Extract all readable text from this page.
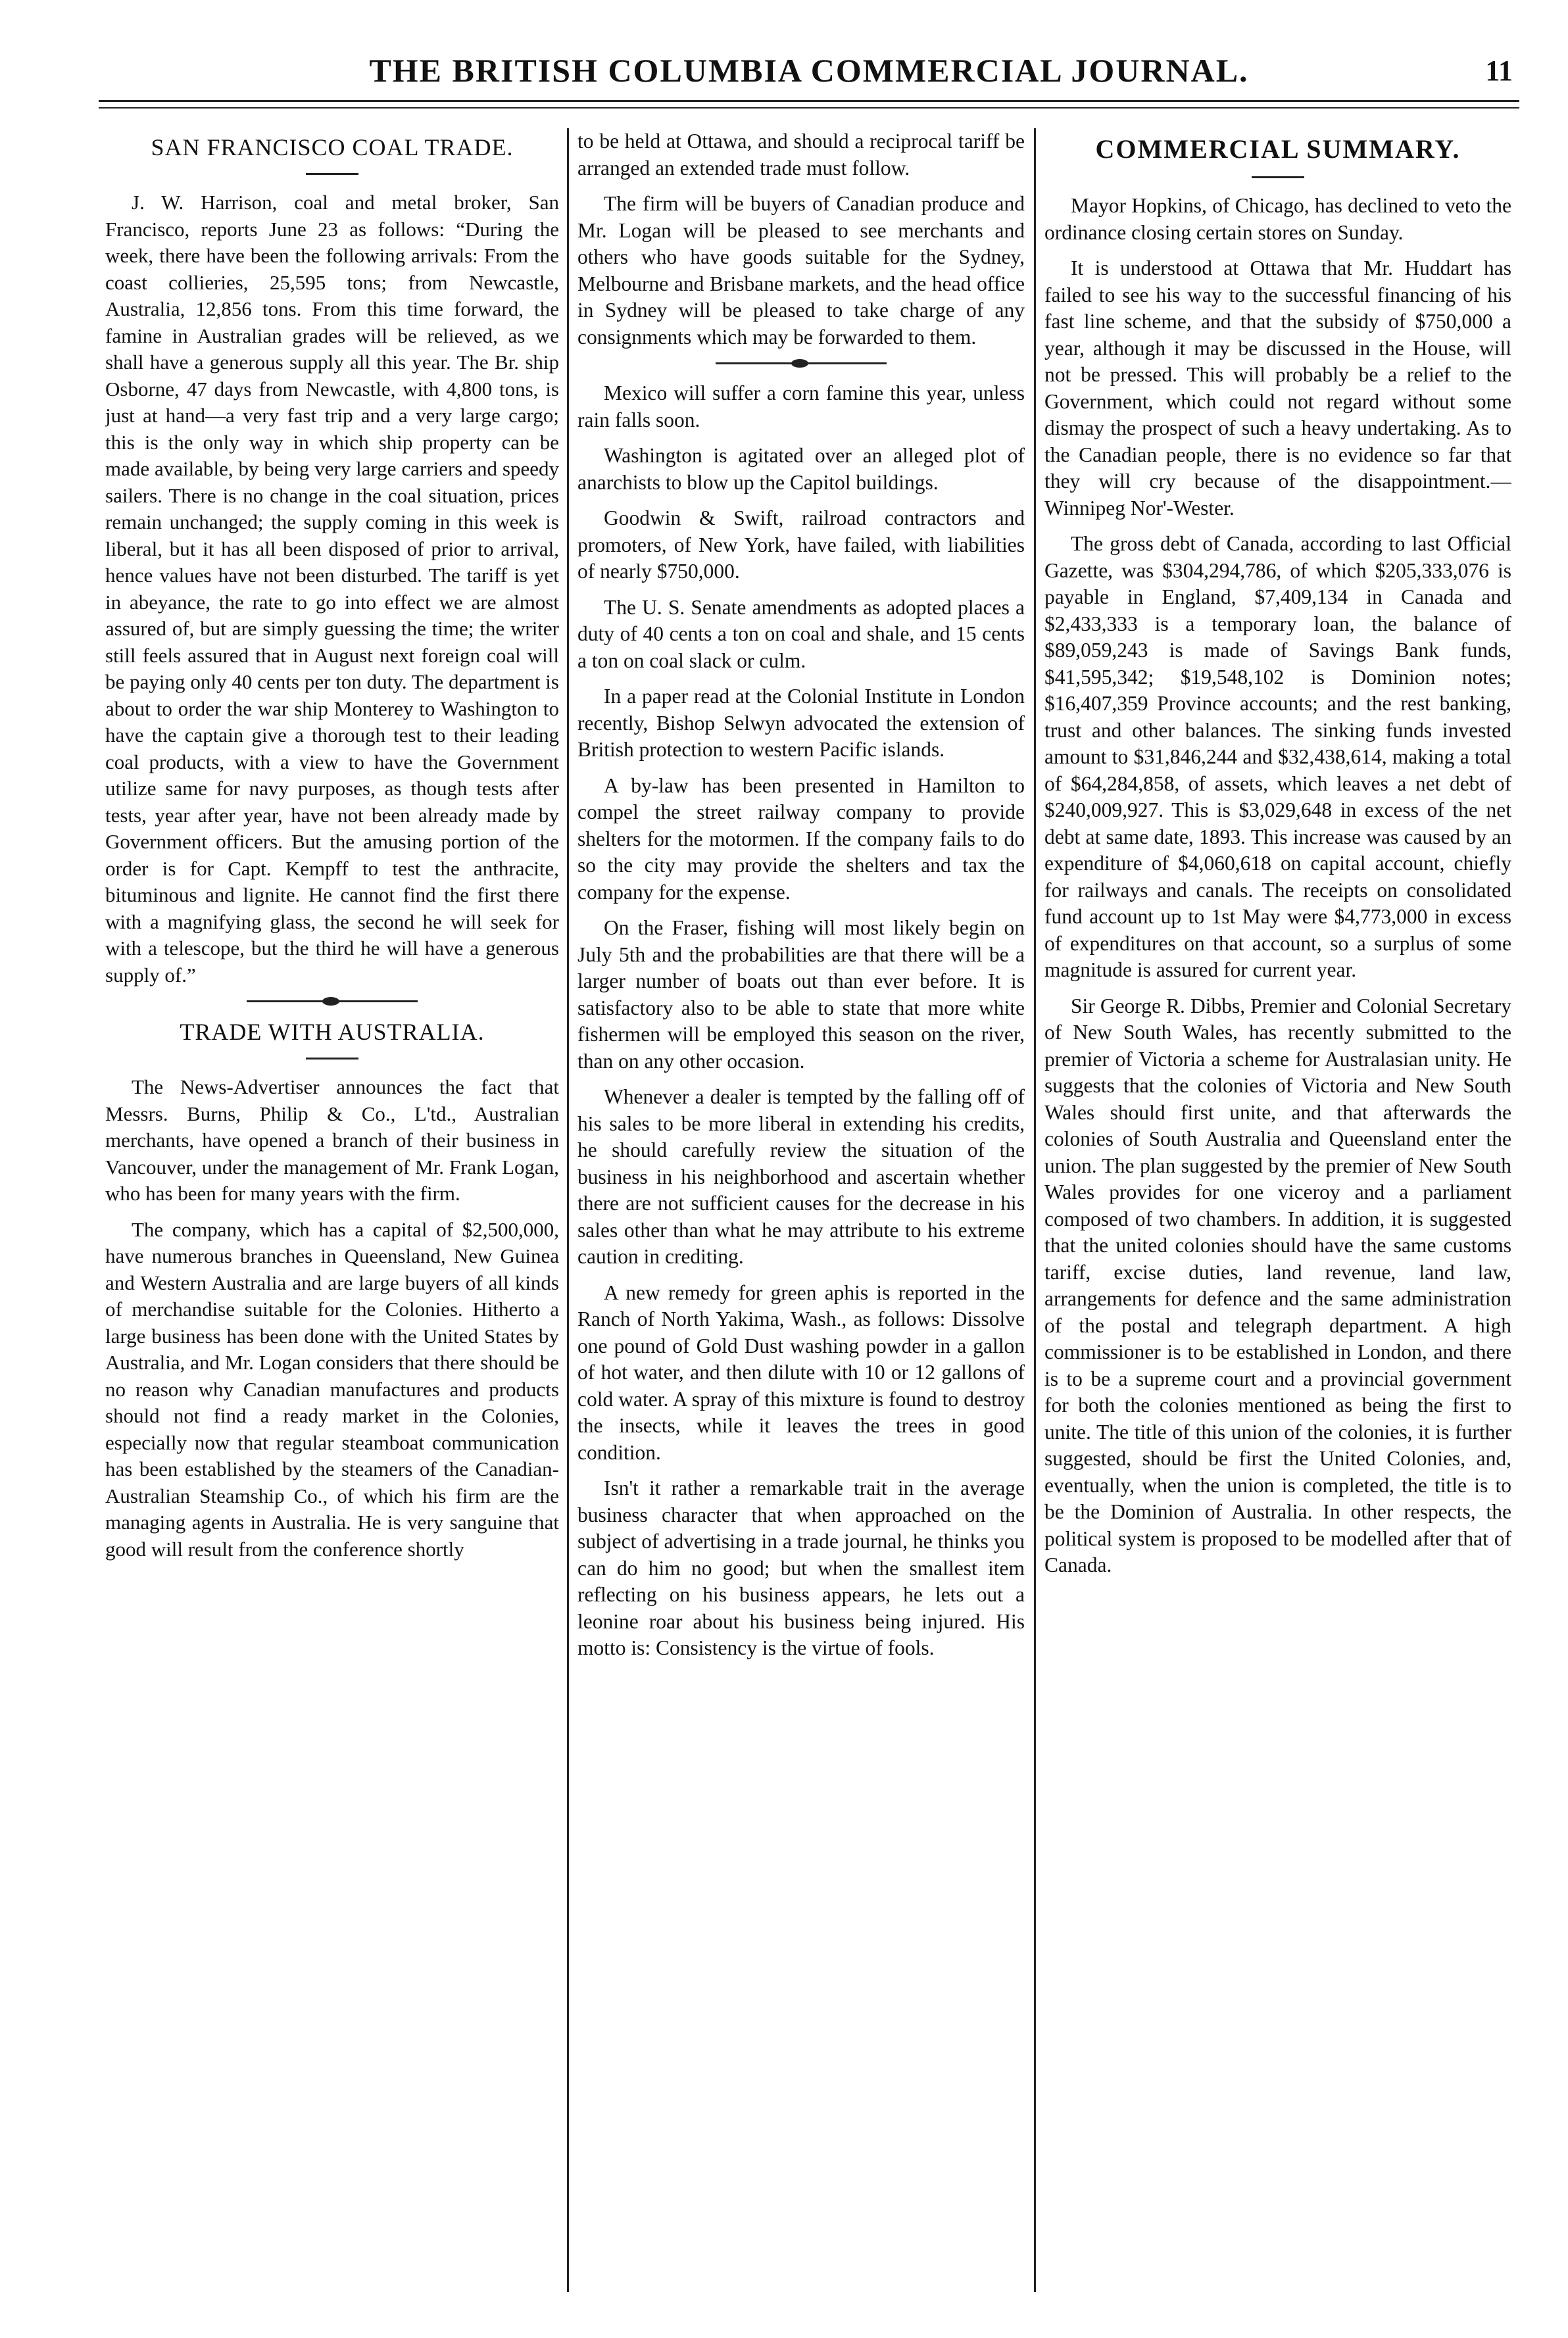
THE BRITISH COLUMBIA COMMERCIAL JOURNAL.	11
SAN FRANCISCO COAL TRADE.

J. W. Harrison, coal and metal broker, San Francisco, reports June 23 as follows: “During the week, there have been the following arrivals: From the coast collieries, 25,595 tons; from Newcastle, Australia, 12,856 tons. From this time forward, the famine in Australian grades will be relieved, as we shall have a generous supply all this year. The Br. ship Osborne, 47 days from Newcastle, with 4,800 tons, is just at hand—a very fast trip and a very large cargo; this is the only way in which ship property can be made available, by being very large carriers and speedy sailers. There is no change in the coal situation, prices remain unchanged; the supply coming in this week is liberal, but it has all been disposed of prior to arrival, hence values have not been disturbed. The tariff is yet in abeyance, the rate to go into effect we are almost assured of, but are simply guessing the time; the writer still feels assured that in August next foreign coal will be paying only 40 cents per ton duty. The department is about to order the war ship Monterey to Washington to have the captain give a thorough test to their leading coal products, with a view to have the Government utilize same for navy purposes, as though tests after tests, year after year, have not been already made by Government officers. But the amusing portion of the order is for Capt. Kempff to test the anthracite, bituminous and lignite. He cannot find the first there with a magnifying glass, the second he will seek for with a telescope, but the third he will have a generous supply of.”

TRADE WITH AUSTRALIA.

The News-Advertiser announces the fact that Messrs. Burns, Philip & Co., L'td., Australian merchants, have opened a branch of their business in Vancouver, under the management of Mr. Frank Logan, who has been for many years with the firm.

The company, which has a capital of $2,500,000, have numerous branches in Queensland, New Guinea and Western Australia and are large buyers of all kinds of merchandise suitable for the Colonies. Hitherto a large business has been done with the United States by Australia, and Mr. Logan considers that there should be no reason why Canadian manufactures and products should not find a ready market in the Colonies, especially now that regular steamboat communication has been established by the steamers of the Canadian-Australian Steamship Co., of which his firm are the managing agents in Australia. He is very sanguine that good will result from the conference shortly

to be held at Ottawa, and should a reciprocal tariff be arranged an extended trade must follow.

The firm will be buyers of Canadian produce and Mr. Logan will be pleased to see merchants and others who have goods suitable for the Sydney, Melbourne and Brisbane markets, and the head office in Sydney will be pleased to take charge of any consignments which may be forwarded to them.

Mexico will suffer a corn famine this year, unless rain falls soon.

Washington is agitated over an alleged plot of anarchists to blow up the Capitol buildings.

Goodwin & Swift, railroad contractors and promoters, of New York, have failed, with liabilities of nearly $750,000.

The U. S. Senate amendments as adopted places a duty of 40 cents a ton on coal and shale, and 15 cents a ton on coal slack or culm.

In a paper read at the Colonial Institute in London recently, Bishop Selwyn advocated the extension of British protection to western Pacific islands.

A by-law has been presented in Hamilton to compel the street railway company to provide shelters for the motormen. If the company fails to do so the city may provide the shelters and tax the company for the expense.

On the Fraser, fishing will most likely begin on July 5th and the probabilities are that there will be a larger number of boats out than ever before. It is satisfactory also to be able to state that more white fishermen will be employed this season on the river, than on any other occasion.

Whenever a dealer is tempted by the falling off of his sales to be more liberal in extending his credits, he should carefully review the situation of the business in his neighborhood and ascertain whether there are not sufficient causes for the decrease in his sales other than what he may attribute to his extreme caution in crediting.

A new remedy for green aphis is reported in the Ranch of North Yakima, Wash., as follows: Dissolve one pound of Gold Dust washing powder in a gallon of hot water, and then dilute with 10 or 12 gallons of cold water. A spray of this mixture is found to destroy the insects, while it leaves the trees in good condition.

Isn't it rather a remarkable trait in the average business character that when approached on the subject of advertising in a trade journal, he thinks you can do him no good; but when the smallest item reflecting on his business appears, he lets out a leonine roar about his business being injured. His motto is: Consistency is the virtue of fools.

COMMERCIAL SUMMARY.

Mayor Hopkins, of Chicago, has declined to veto the ordinance closing certain stores on Sunday.

It is understood at Ottawa that Mr. Huddart has failed to see his way to the successful financing of his fast line scheme, and that the subsidy of $750,000 a year, although it may be discussed in the House, will not be pressed. This will probably be a relief to the Government, which could not regard without some dismay the prospect of such a heavy undertaking. As to the Canadian people, there is no evidence so far that they will cry because of the disappointment.—Winnipeg Nor'-Wester.

The gross debt of Canada, according to last Official Gazette, was $304,294,786, of which $205,333,076 is payable in England, $7,409,134 in Canada and $2,433,333 is a temporary loan, the balance of $89,059,243 is made of Savings Bank funds, $41,595,342; $19,548,102 is Dominion notes; $16,407,359 Province accounts; and the rest banking, trust and other balances. The sinking funds invested amount to $31,846,244 and $32,438,614, making a total of $64,284,858, of assets, which leaves a net debt of $240,009,927. This is $3,029,648 in excess of the net debt at same date, 1893. This increase was caused by an expenditure of $4,060,618 on capital account, chiefly for railways and canals. The receipts on consolidated fund account up to 1st May were $4,773,000 in excess of expenditures on that account, so a surplus of some magnitude is assured for current year.

Sir George R. Dibbs, Premier and Colonial Secretary of New South Wales, has recently submitted to the premier of Victoria a scheme for Australasian unity. He suggests that the colonies of Victoria and New South Wales should first unite, and that afterwards the colonies of South Australia and Queensland enter the union. The plan suggested by the premier of New South Wales provides for one viceroy and a parliament composed of two chambers. In addition, it is suggested that the united colonies should have the same customs tariff, excise duties, land revenue, land law, arrangements for defence and the same administration of the postal and telegraph department. A high commissioner is to be established in London, and there is to be a supreme court and a provincial government for both the colonies mentioned as being the first to unite. The title of this union of the colonies, it is further suggested, should be first the United Colonies, and, eventually, when the union is completed, the title is to be the Dominion of Australia. In other respects, the political system is proposed to be modelled after that of Canada.
